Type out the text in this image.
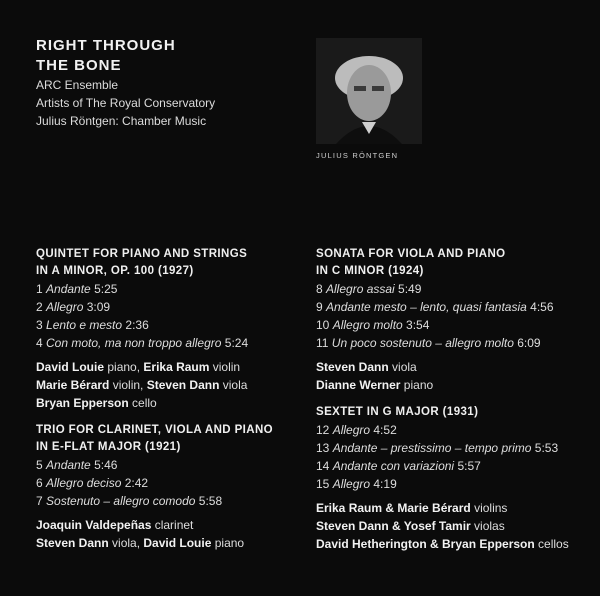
RIGHT THROUGH
THE BONE
ARC Ensemble
Artists of The Royal Conservatory
Julius Röntgen: Chamber Music
JULIUS RÖNTGEN
QUINTET FOR PIANO AND STRINGS
IN A MINOR, OP. 100 (1927)
1 Andante 5:25
2 Allegro 3:09
3 Lento e mesto 2:36
4 Con moto, ma non troppo allegro 5:24
David Louie piano, Erika Raum violin
Marie Bérard violin, Steven Dann viola
Bryan Epperson cello
TRIO FOR CLARINET, VIOLA AND PIANO
IN E-FLAT MAJOR (1921)
5 Andante 5:46
6 Allegro deciso 2:42
7 Sostenuto – allegro comodo 5:58
Joaquin Valdepeñas clarinet
Steven Dann viola, David Louie piano
SONATA FOR VIOLA AND PIANO
IN C MINOR (1924)
8 Allegro assai 5:49
9 Andante mesto – lento, quasi fantasia 4:56
10 Allegro molto 3:54
11 Un poco sostenuto – allegro molto 6:09
Steven Dann viola
Dianne Werner piano
SEXTET IN G MAJOR (1931)
12 Allegro 4:52
13 Andante – prestissimo – tempo primo 5:53
14 Andante con variazioni 5:57
15 Allegro 4:19
Erika Raum & Marie Bérard violins
Steven Dann & Yosef Tamir violas
David Hetherington & Bryan Epperson cellos
